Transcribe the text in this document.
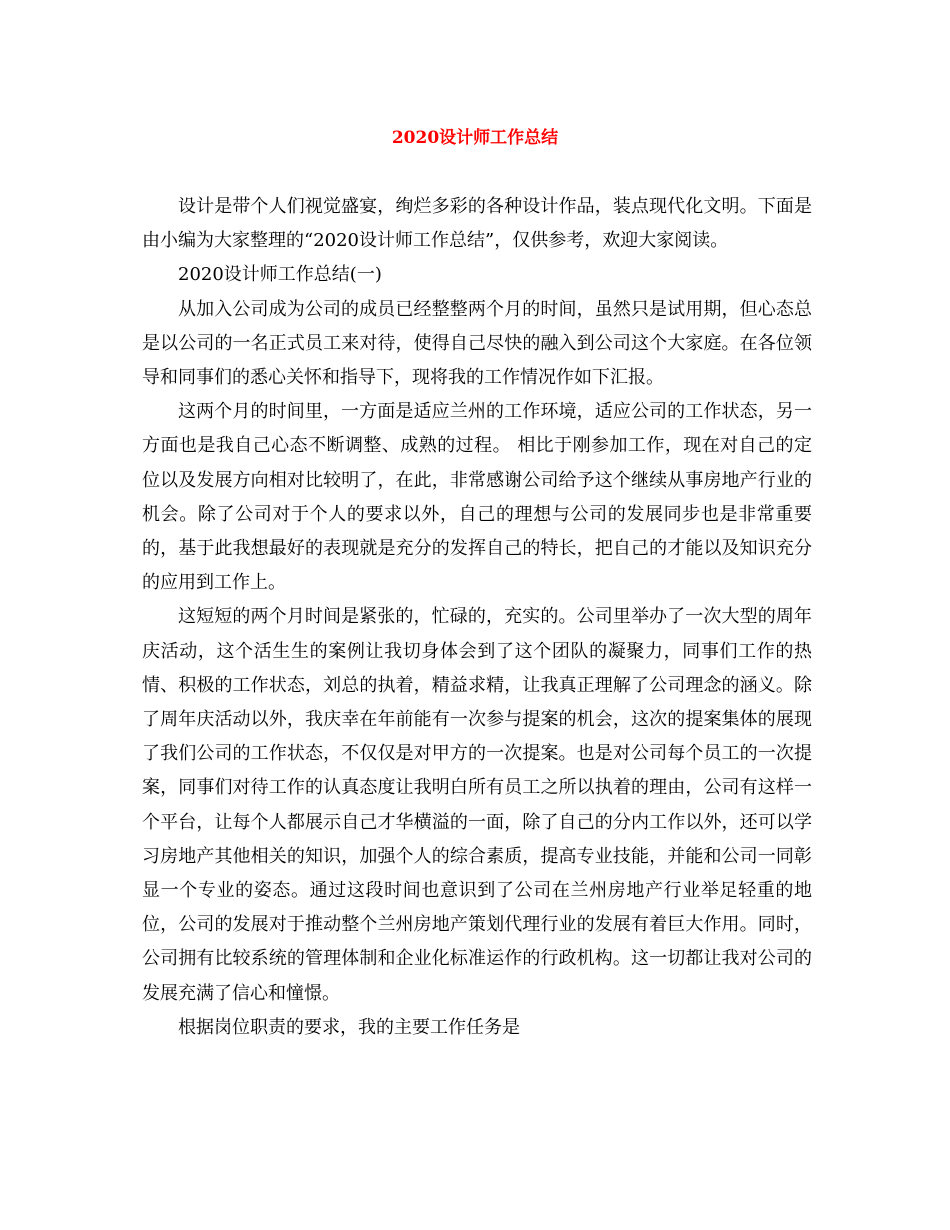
2020设计师工作总结

设计是带个人们视觉盛宴，绚烂多彩的各种设计作品，装点现代化文明。下面是由小编为大家整理的“2020设计师工作总结”，仅供参考，欢迎大家阅读。

2020设计师工作总结(一)

从加入公司成为公司的成员已经整整两个月的时间，虽然只是试用期，但心态总是以公司的一名正式员工来对待，使得自己尽快的融入到公司这个大家庭。在各位领导和同事们的悉心关怀和指导下，现将我的工作情况作如下汇报。

这两个月的时间里，一方面是适应兰州的工作环境，适应公司的工作状态，另一方面也是我自己心态不断调整、成熟的过程。 相比于刚参加工作，现在对自己的定位以及发展方向相对比较明了，在此，非常感谢公司给予这个继续从事房地产行业的机会。除了公司对于个人的要求以外，自己的理想与公司的发展同步也是非常重要的，基于此我想最好的表现就是充分的发挥自己的特长，把自己的才能以及知识充分的应用到工作上。

这短短的两个月时间是紧张的，忙碌的，充实的。公司里举办了一次大型的周年庆活动，这个活生生的案例让我切身体会到了这个团队的凝聚力，同事们工作的热情、积极的工作状态，刘总的执着，精益求精，让我真正理解了公司理念的涵义。除了周年庆活动以外，我庆幸在年前能有一次参与提案的机会，这次的提案集体的展现了我们公司的工作状态，不仅仅是对甲方的一次提案。也是对公司每个员工的一次提案，同事们对待工作的认真态度让我明白所有员工之所以执着的理由，公司有这样一个平台，让每个人都展示自己才华横溢的一面，除了自己的分内工作以外，还可以学习房地产其他相关的知识，加强个人的综合素质，提高专业技能，并能和公司一同彰显一个专业的姿态。通过这段时间也意识到了公司在兰州房地产行业举足轻重的地位，公司的发展对于推动整个兰州房地产策划代理行业的发展有着巨大作用。同时，公司拥有比较系统的管理体制和企业化标准运作的行政机构。这一切都让我对公司的发展充满了信心和憧憬。

根据岗位职责的要求，我的主要工作任务是
